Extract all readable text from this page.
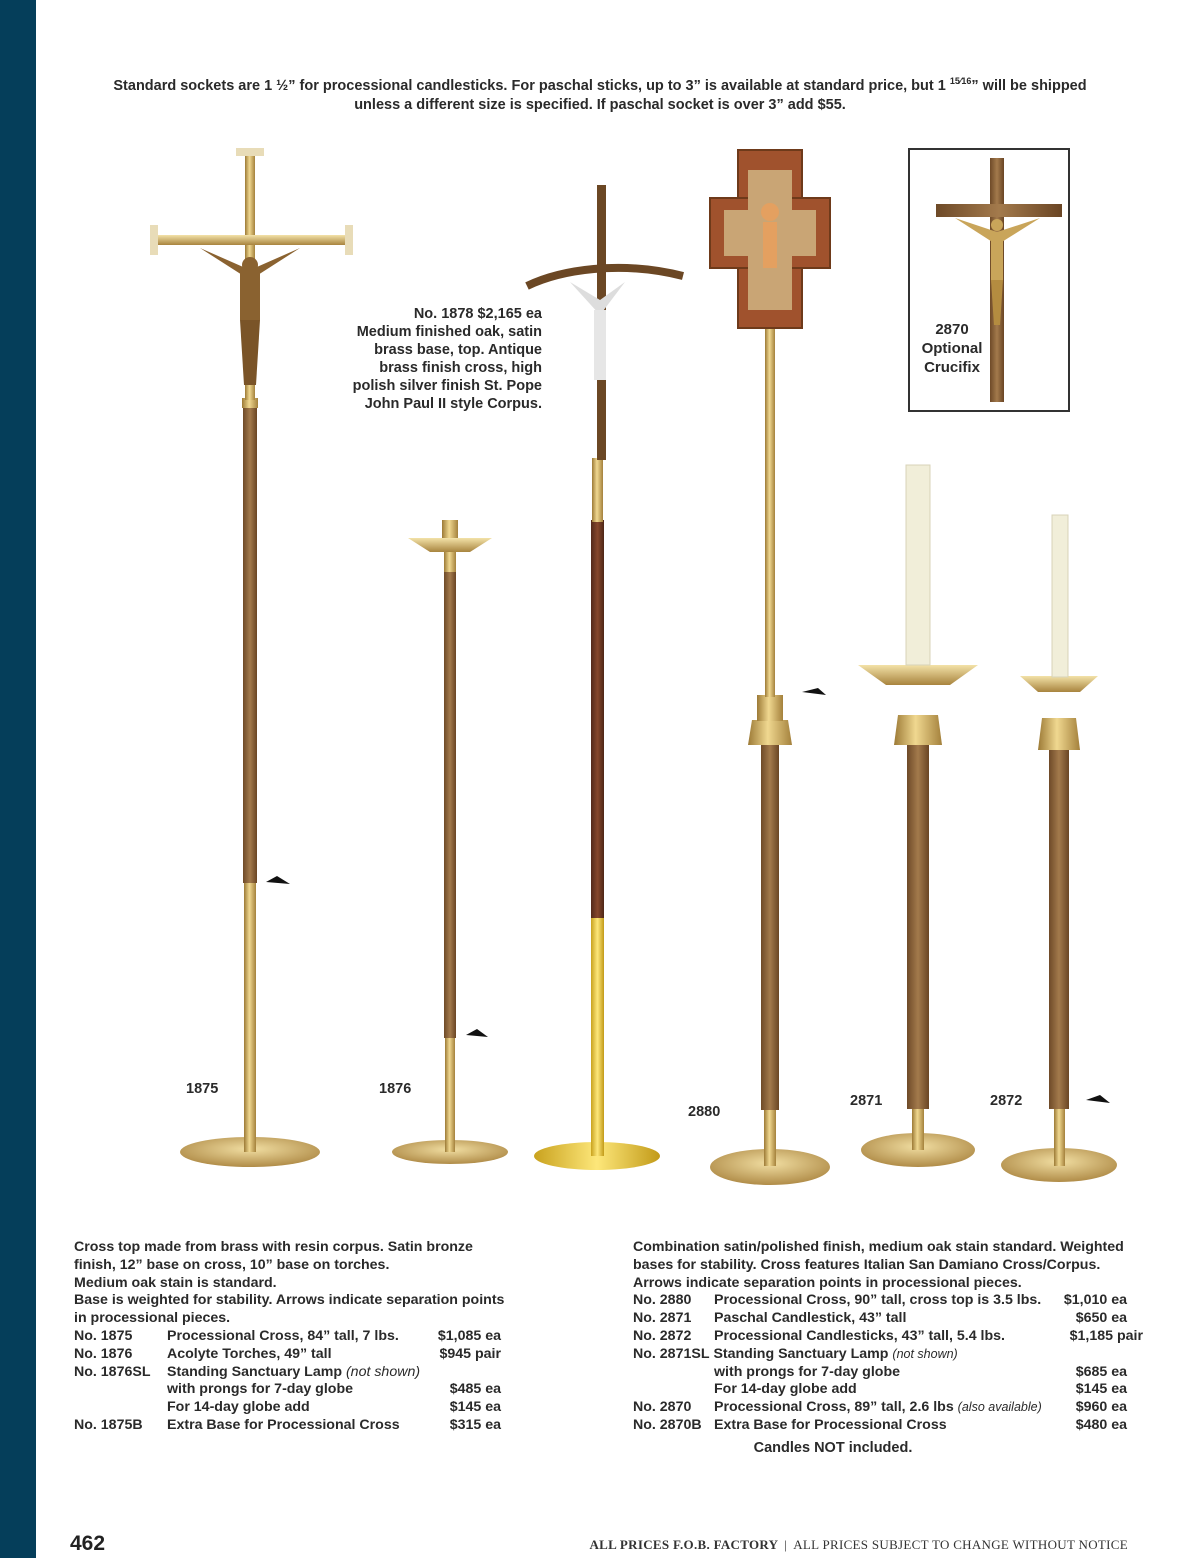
Standard sockets are 1 ½” for processional candlesticks. For paschal sticks, up to 3” is available at standard price, but 1 $^{15⁄16}$” will be shipped
unless a different size is specified. If paschal socket is over 3” add $55.
No. 1878 $2,165 ea
Medium finished oak, satin
brass base, top. Antique
brass finish cross, high
polish silver finish St. Pope
John Paul II style Corpus.
2870
Optional
Crucifix
1875	1876
2880
2871	2872
Cross top made from brass with resin corpus. Satin bronze
finish, 12” base on cross, 10” base on torches.
Medium oak stain is standard.
Base is weighted for stability. Arrows indicate separation points
in processional pieces.
No. 1875	Processional Cross, 84” tall, 7 lbs.	$1,085 ea
No. 1876	Acolyte Torches, 49” tall	$945 pair
No. 1876SL	Standing Sanctuary Lamp (not shown)
with prongs for 7-day globe	$485 ea
For 14-day globe add	$145 ea
No. 1875B	Extra Base for Processional Cross	$315 ea
Combination satin/polished finish, medium oak stain standard. Weighted
bases for stability. Cross features Italian San Damiano Cross/Corpus.
Arrows indicate separation points in processional pieces.
No. 2880	Processional Cross, 90” tall, cross top is 3.5 lbs. $1,010 ea
No. 2871	Paschal Candlestick, 43” tall	$650 ea
No. 2872	Processional Candlesticks, 43” tall, 5.4 lbs.	$1,185 pair
No. 2871SL Standing Sanctuary Lamp (not shown)
with prongs for 7-day globe	$685 ea
For 14-day globe add	$145 ea
No. 2870	Processional Cross, 89” tall, 2.6 lbs (also available) $960 ea
No. 2870B Extra Base for Processional Cross	$480 ea
Candles NOT included.
462	ALL PRICES F.O.B. FACTORY | ALL PRICES SUBJECT TO CHANGE WITHOUT NOTICE
